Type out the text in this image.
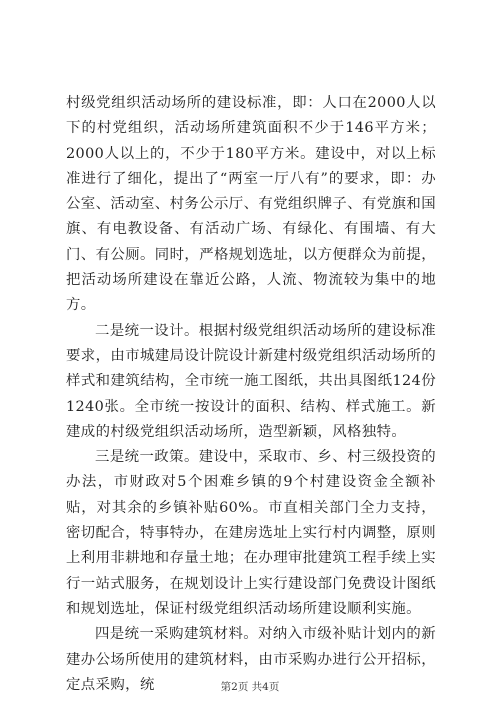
村级党组织活动场所的建设标准，即：人口在2000人以下的村党组织，活动场所建筑面积不少于146平方米；2000人以上的，不少于180平方米。建设中，对以上标准进行了细化，提出了“两室一厅八有”的要求，即：办公室、活动室、村务公示厅、有党组织牌子、有党旗和国旗、有电教设备、有活动广场、有绿化、有围墙、有大门、有公厕。同时，严格规划选址，以方便群众为前提，把活动场所建设在靠近公路，人流、物流较为集中的地方。

二是统一设计。根据村级党组织活动场所的建设标准要求，由市城建局设计院设计新建村级党组织活动场所的样式和建筑结构，全市统一施工图纸，共出具图纸124份1240张。全市统一按设计的面积、结构、样式施工。新建成的村级党组织活动场所，造型新颖，风格独特。

三是统一政策。建设中，采取市、乡、村三级投资的办法，市财政对5个困难乡镇的9个村建设资金全额补贴，对其余的乡镇补贴60%。市直相关部门全力支持，密切配合，特事特办，在建房选址上实行村内调整，原则上利用非耕地和存量土地；在办理审批建筑工程手续上实行一站式服务，在规划设计上实行建设部门免费设计图纸和规划选址，保证村级党组织活动场所建设顺利实施。

四是统一采购建筑材料。对纳入市级补贴计划内的新建办公场所使用的建筑材料，由市采购办进行公开招标，定点采购，统	第2页 共4页
